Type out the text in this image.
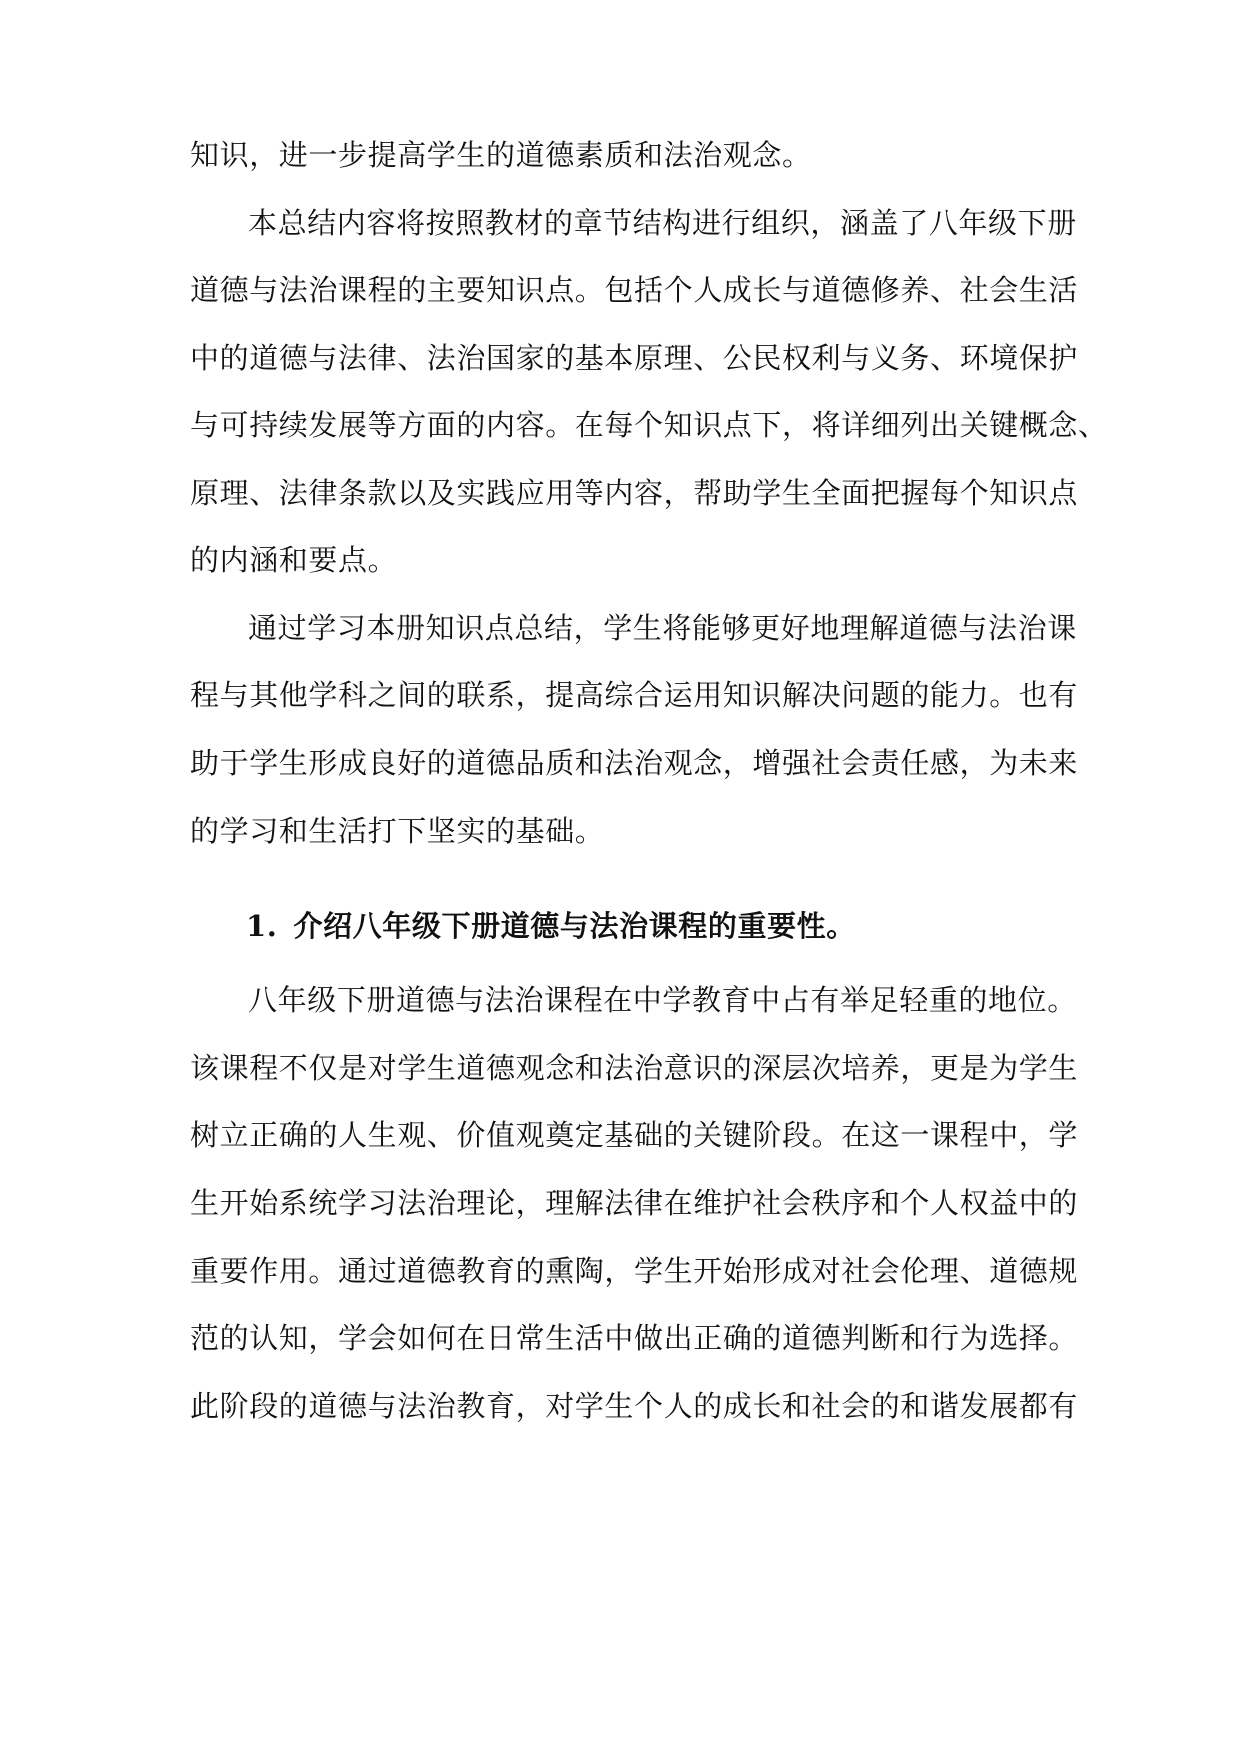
知识，进一步提高学生的道德素质和法治观念。
本总结内容将按照教材的章节结构进行组织，涵盖了八年级下册
道德与法治课程的主要知识点。包括个人成长与道德修养、社会生活
中的道德与法律、法治国家的基本原理、公民权利与义务、环境保护
与可持续发展等方面的内容。在每个知识点下，将详细列出关键概念、
原理、法律条款以及实践应用等内容，帮助学生全面把握每个知识点
的内涵和要点。
通过学习本册知识点总结，学生将能够更好地理解道德与法治课
程与其他学科之间的联系，提高综合运用知识解决问题的能力。也有
助于学生形成良好的道德品质和法治观念，增强社会责任感，为未来
的学习和生活打下坚实的基础。
1. 介绍八年级下册道德与法治课程的重要性。
八年级下册道德与法治课程在中学教育中占有举足轻重的地位。
该课程不仅是对学生道德观念和法治意识的深层次培养，更是为学生
树立正确的人生观、价值观奠定基础的关键阶段。在这一课程中，学
生开始系统学习法治理论，理解法律在维护社会秩序和个人权益中的
重要作用。通过道德教育的熏陶，学生开始形成对社会伦理、道德规
范的认知，学会如何在日常生活中做出正确的道德判断和行为选择。
此阶段的道德与法治教育，对学生个人的成长和社会的和谐发展都有
